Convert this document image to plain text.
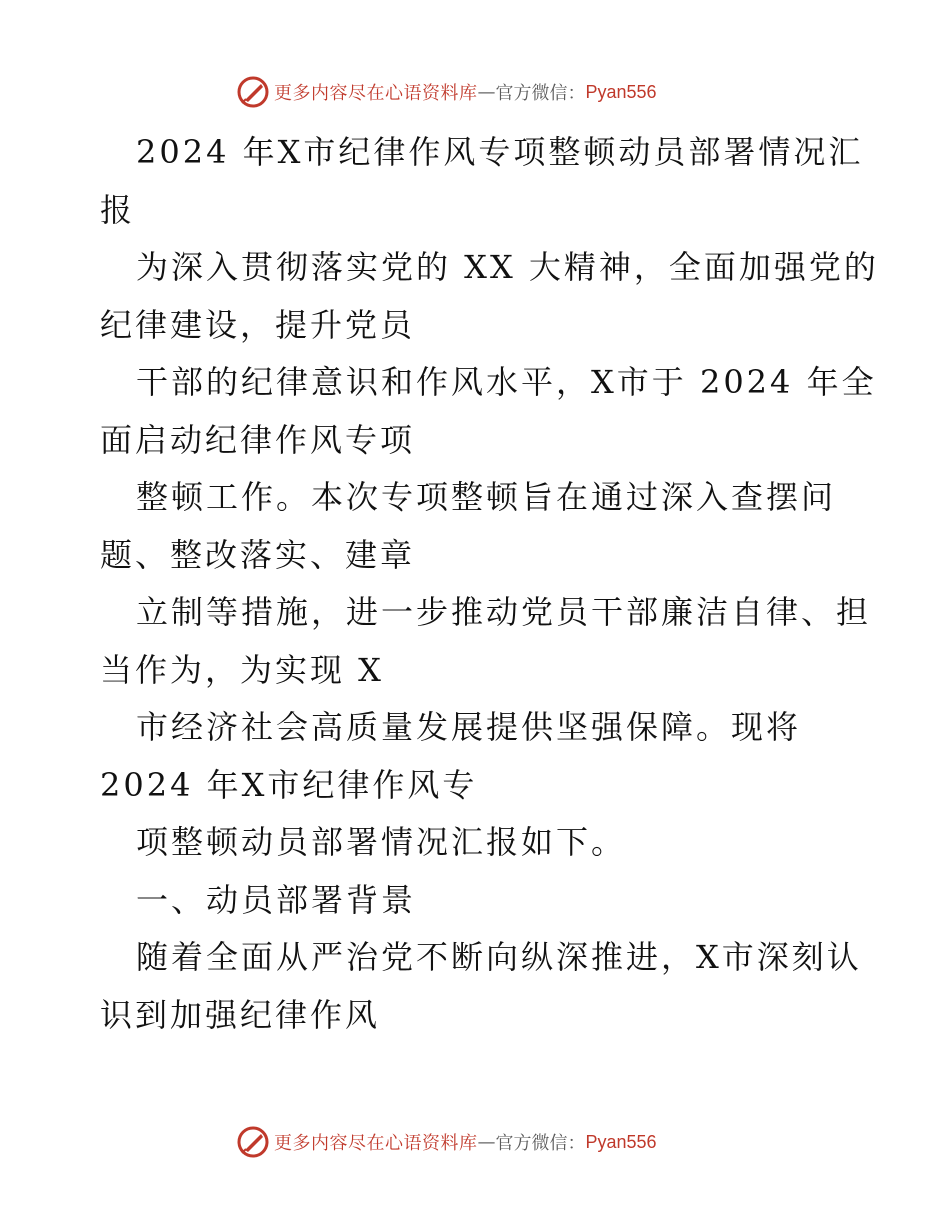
更多内容尽在心语资料库 — 官方微信： Pyan556
2024 年X市纪律作风专项整顿动员部署情况汇
报
为深入贯彻落实党的 XX 大精神，全面加强党的
纪律建设，提升党员
干部的纪律意识和作风水平，X市于 2024 年全
面启动纪律作风专项
整顿工作。本次专项整顿旨在通过深入查摆问
题、整改落实、建章
立制等措施，进一步推动党员干部廉洁自律、担
当作为，为实现 X
市经济社会高质量发展提供坚强保障。现将
2024 年X市纪律作风专
项整顿动员部署情况汇报如下。
一、动员部署背景
随着全面从严治党不断向纵深推进，X市深刻认
识到加强纪律作风
更多内容尽在心语资料库 — 官方微信： Pyan556
